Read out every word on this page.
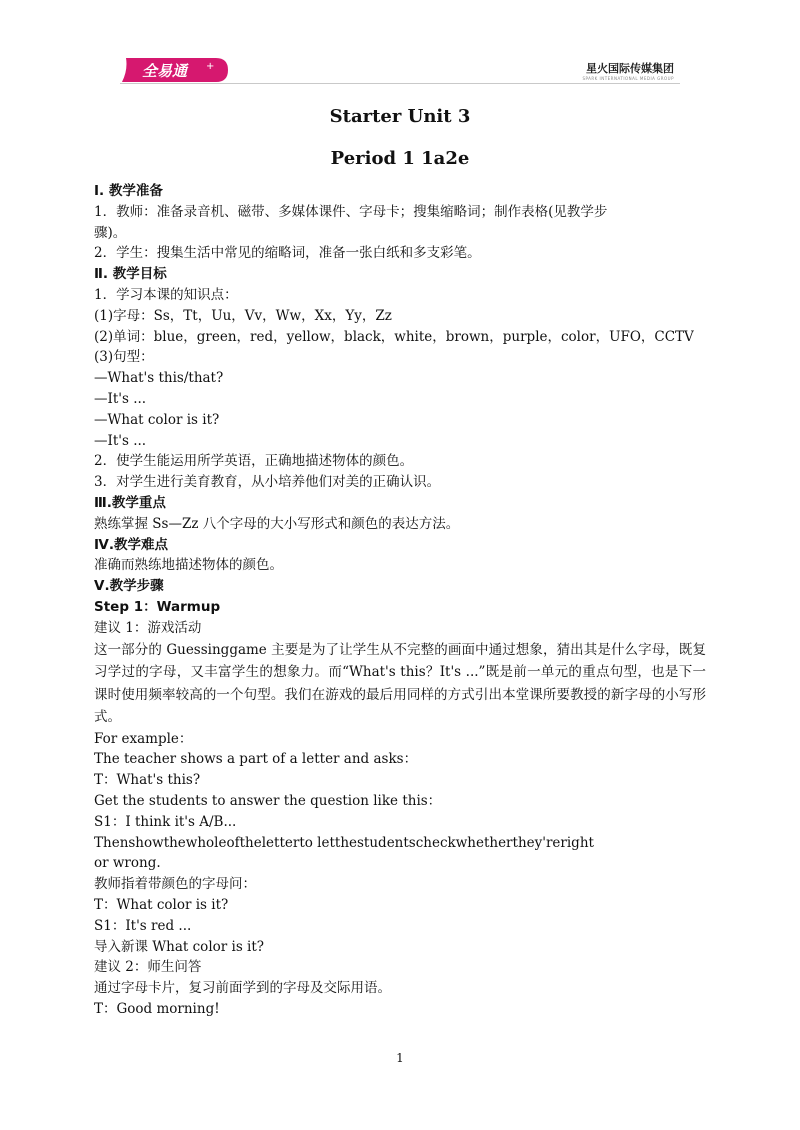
全易通 +	星火国际传媒集团
SPARK INTERNATIONAL MEDIA GROUP
Starter Unit 3
Period 1 1a2e
Ⅰ. 教学准备
1．教师：准备录音机、磁带、多媒体课件、字母卡；搜集缩略词；制作表格(见教学步
骤)。
2．学生：搜集生活中常见的缩略词，准备一张白纸和多支彩笔。
Ⅱ. 教学目标
1．学习本课的知识点：
(1)字母：Ss，Tt，Uu，Vv，Ww，Xx，Yy，Zz
(2)单词：blue，green，red，yellow，black，white，brown，purple，color，UFO，CCTV
(3)句型：
—What's this/that?
—It's ...
—What color is it?
—It's ...
2．使学生能运用所学英语，正确地描述物体的颜色。
3．对学生进行美育教育，从小培养他们对美的正确认识。
Ⅲ.教学重点
熟练掌握 Ss—Zz 八个字母的大小写形式和颜色的表达方法。
Ⅳ.教学难点
准确而熟练地描述物体的颜色。
Ⅴ.教学步骤
Step 1：Warmup
建议 1：游戏活动
这一部分的 Guessinggame 主要是为了让学生从不完整的画面中通过想象，猜出其是什么字母，既复习学过的字母，又丰富学生的想象力。而“What's this？It's ...”既是前一单元的重点句型，也是下一课时使用频率较高的一个句型。我们在游戏的最后用同样的方式引出本堂课所要教授的新字母的小写形式。
For example：
The teacher shows a part of a letter and asks：
T：What's this?
Get the students to answer the question like this：
S1：I think it's A/B...
Thenshowthewholeoftheletterto letthestudentscheckwhetherthey'reright
or wrong.
教师指着带颜色的字母问：
T：What color is it?
S1：It's red ...
导入新课 What color is it?
建议 2：师生问答
通过字母卡片，复习前面学到的字母及交际用语。
T：Good morning!
1
